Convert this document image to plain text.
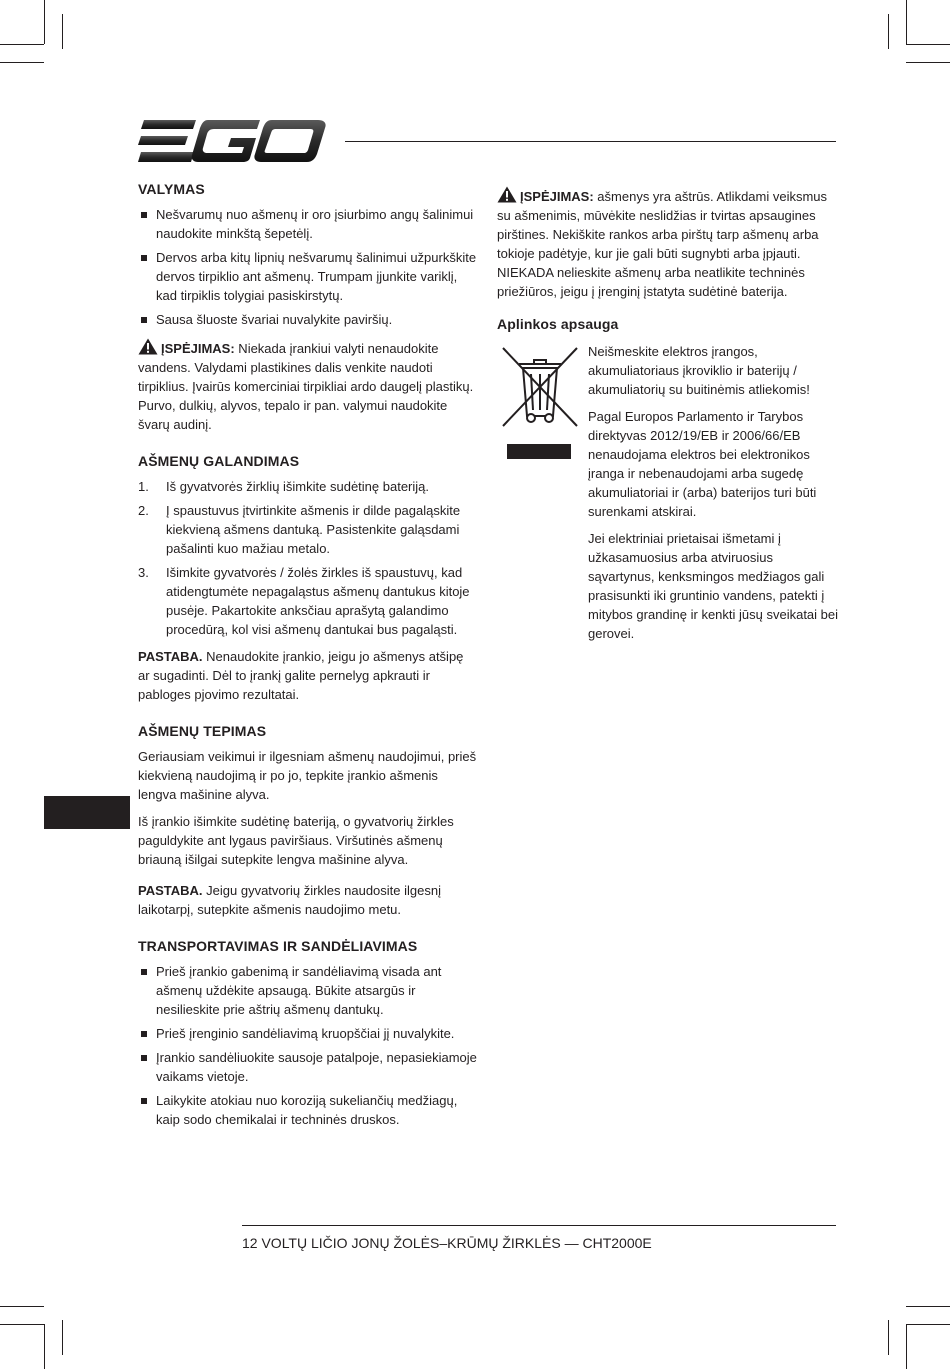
VALYMAS
Nešvarumų nuo ašmenų ir oro įsiurbimo angų šalinimui naudokite minkštą šepetėlį.
Dervos arba kitų lipnių nešvarumų šalinimui užpurkškite dervos tirpiklio ant ašmenų. Trumpam įjunkite variklį, kad tirpiklis tolygiai pasiskirstytų.
Sausa šluoste švariai nuvalykite paviršių.

ĮSPĖJIMAS: Niekada įrankiui valyti nenaudokite vandens. Valydami plastikines dalis venkite naudoti tirpiklius. Įvairūs komerciniai tirpikliai ardo daugelį plastikų. Purvo, dulkių, alyvos, tepalo ir pan. valymui naudokite švarų audinį.

AŠMENŲ GALANDIMAS
1. Iš gyvatvorės žirklių išimkite sudėtinę bateriją.
2. Į spaustuvus įtvirtinkite ašmenis ir dilde pagaląskite kiekvieną ašmens dantuką. Pasistenkite galąsdami pašalinti kuo mažiau metalo.
3. Išimkite gyvatvorės / žolės žirkles iš spaustuvų, kad atidengtumėte nepagaląstus ašmenų dantukus kitoje pusėje. Pakartokite anksčiau aprašytą galandimo procedūrą, kol visi ašmenų dantukai bus pagaląsti.

PASTABA. Nenaudokite įrankio, jeigu jo ašmenys atšipę ar sugadinti. Dėl to įrankį galite pernelyg apkrauti ir pabloges pjovimo rezultatai.

AŠMENŲ TEPIMAS

Geriausiam veikimui ir ilgesniam ašmenų naudojimui, prieš kiekvieną naudojimą ir po jo, tepkite įrankio ašmenis lengva mašinine alyva.

Iš įrankio išimkite sudėtinę bateriją, o gyvatvorių žirkles paguldykite ant lygaus paviršiaus. Viršutinės ašmenų briauną išilgai sutepkite lengva mašinine alyva.

PASTABA. Jeigu gyvatvorių žirkles naudosite ilgesnį laikotarpį, sutepkite ašmenis naudojimo metu.

TRANSPORTAVIMAS IR SANDĖLIAVIMAS
Prieš įrankio gabenimą ir sandėliavimą visada ant ašmenų uždėkite apsaugą. Būkite atsargūs ir nesilieskite prie aštrių ašmenų dantukų.
Prieš įrenginio sandėliavimą kruopščiai jį nuvalykite.
Įrankio sandėliuokite sausoje patalpoje, nepasiekiamoje vaikams vietoje.
Laikykite atokiau nuo koroziją sukeliančių medžiagų, kaip sodo chemikalai ir techninės druskos.

ĮSPĖJIMAS: ašmenys yra aštrūs. Atlikdami veiksmus su ašmenimis, mūvėkite neslidžias ir tvirtas apsaugines pirštines. Nekiškite rankos arba pirštų tarp ašmenų arba tokioje padėtyje, kur jie gali būti sugnybti arba įpjauti. NIEKADA nelieskite ašmenų arba neatlikite techninės priežiūros, jeigu į įrenginį įstatyta sudėtinė baterija.

Aplinkos apsauga

Neišmeskite elektros įrangos, akumuliatoriaus įkroviklio ir baterijų / akumuliatorių su buitinėmis atliekomis!

Pagal Europos Parlamento ir Tarybos direktyvas 2012/19/EB ir 2006/66/EB nenaudojama elektros bei elektronikos įranga ir nebenaudojami arba sugedę akumuliatoriai ir (arba) baterijos turi būti surenkami atskirai.

Jei elektriniai prietaisai išmetami į užkasamuosius arba atviruosius sąvartynus, kenksmingos medžiagos gali prasisunkti iki gruntinio vandens, patekti į mitybos grandinę ir kenkti jūsų sveikatai bei gerovei.

12 VOLTŲ LIČIO JONŲ ŽOLĖS–KRŪMŲ ŽIRKLĖS — CHT2000E
